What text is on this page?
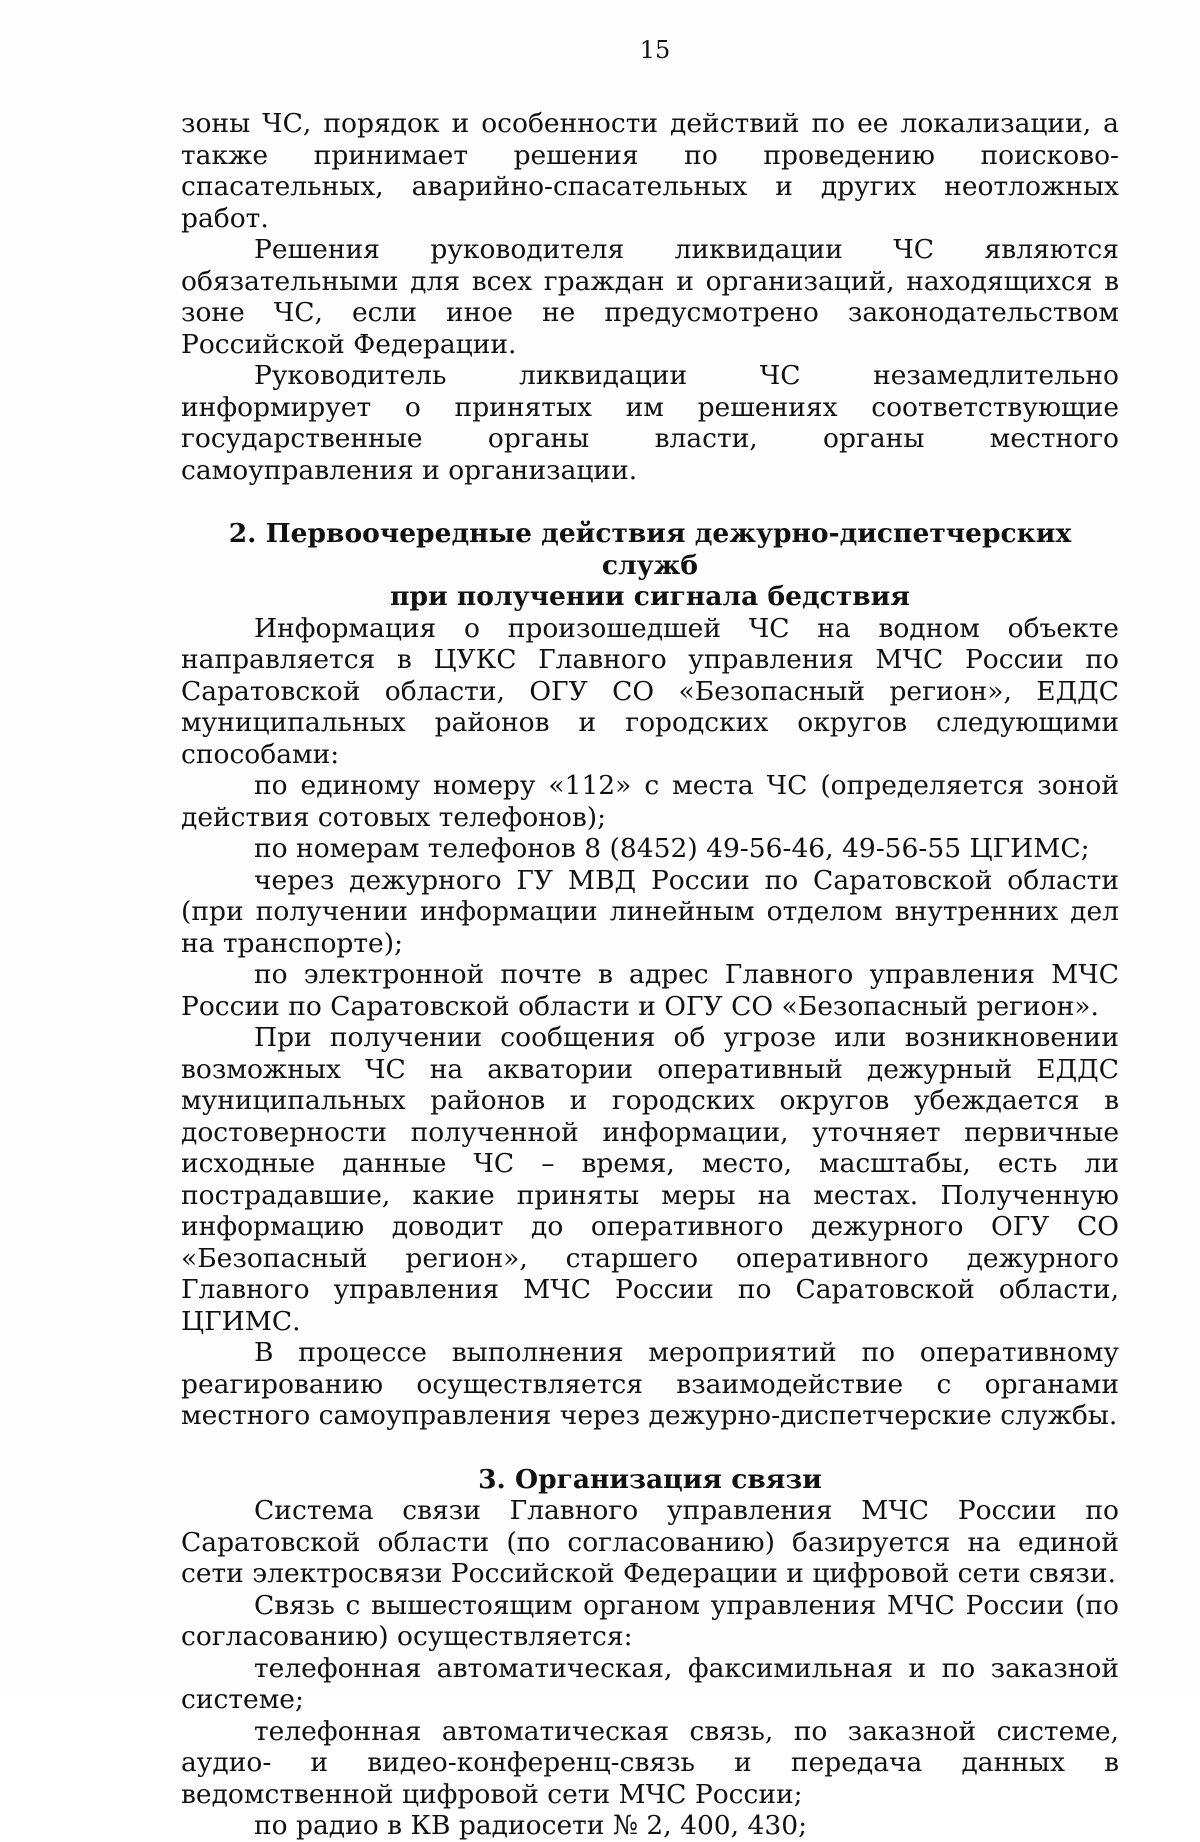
15

зоны ЧС, порядок и особенности действий по ее локализации, а также принимает решения по проведению поисково-спасательных, аварийно-спасательных и других неотложных работ.

Решения руководителя ликвидации ЧС являются обязательными для всех граждан и организаций, находящихся в зоне ЧС, если иное не предусмотрено законодательством Российской Федерации.

Руководитель ликвидации ЧС незамедлительно информирует о принятых им решениях соответствующие государственные органы власти, органы местного самоуправления и организации.

2. Первоочередные действия дежурно-диспетчерских служб
при получении сигнала бедствия

Информация о произошедшей ЧС на водном объекте направляется в ЦУКС Главного управления МЧС России по Саратовской области, ОГУ СО «Безопасный регион», ЕДДС муниципальных районов и городских округов следующими способами:

по единому номеру «112» с места ЧС (определяется зоной действия сотовых телефонов);

по номерам телефонов 8 (8452) 49-56-46, 49-56-55 ЦГИМС;

через дежурного ГУ МВД России по Саратовской области (при получении информации линейным отделом внутренних дел на транспорте);

по электронной почте в адрес Главного управления МЧС России по Саратовской области и ОГУ СО «Безопасный регион».

При получении сообщения об угрозе или возникновении возможных ЧС на акватории оперативный дежурный ЕДДС муниципальных районов и городских округов убеждается в достоверности полученной информации, уточняет первичные исходные данные ЧС – время, место, масштабы, есть ли пострадавшие, какие приняты меры на местах. Полученную информацию доводит до оперативного дежурного ОГУ СО «Безопасный регион», старшего оперативного дежурного Главного управления МЧС России по Саратовской области, ЦГИМС.

В процессе выполнения мероприятий по оперативному реагированию осуществляется взаимодействие с органами местного самоуправления через дежурно-диспетчерские службы.

3. Организация связи

Система связи Главного управления МЧС России по Саратовской области (по согласованию) базируется на единой сети электросвязи Российской Федерации и цифровой сети связи.

Связь с вышестоящим органом управления МЧС России (по согласованию) осуществляется:

телефонная автоматическая, факсимильная и по заказной системе;

телефонная автоматическая связь, по заказной системе, аудио- и видео-конференц-связь и передача данных в ведомственной цифровой сети МЧС России;

по радио в КВ радиосети № 2, 400, 430;
